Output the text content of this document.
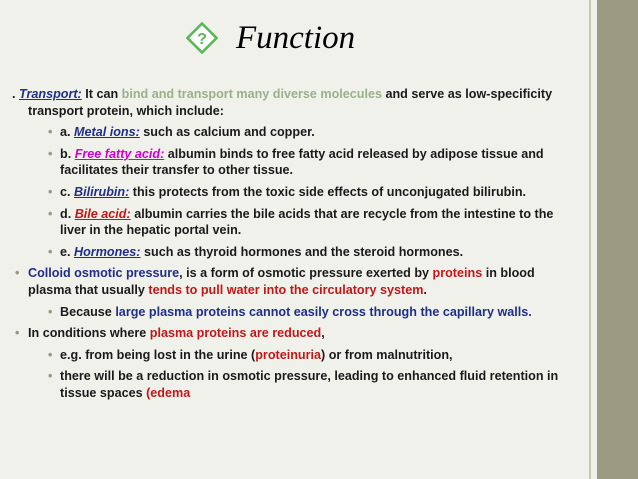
? Function
. Transport: It can bind and transport many diverse molecules and serve as low-specificity
transport protein, which include:
• a. Metal ions: such as calcium and copper.
• b. Free fatty acid: albumin binds to free fatty acid released by adipose tissue and
facilitates their transfer to other tissue.
• c. Bilirubin: this protects from the toxic side effects of unconjugated bilirubin.
• d. Bile acid: albumin carries the bile acids that are recycle from the intestine to the
liver in the hepatic portal vein.
• e. Hormones: such as thyroid hormones and the steroid hormones.
• Colloid osmotic pressure, is a form of osmotic pressure exerted by proteins in blood
plasma that usually tends to pull water into the circulatory system.
• Because large plasma proteins cannot easily cross through the capillary walls.
• In conditions where plasma proteins are reduced,
• e.g. from being lost in the urine (proteinuria) or from malnutrition,
• there will be a reduction in osmotic pressure, leading to enhanced fluid retention in
tissue spaces (edema
